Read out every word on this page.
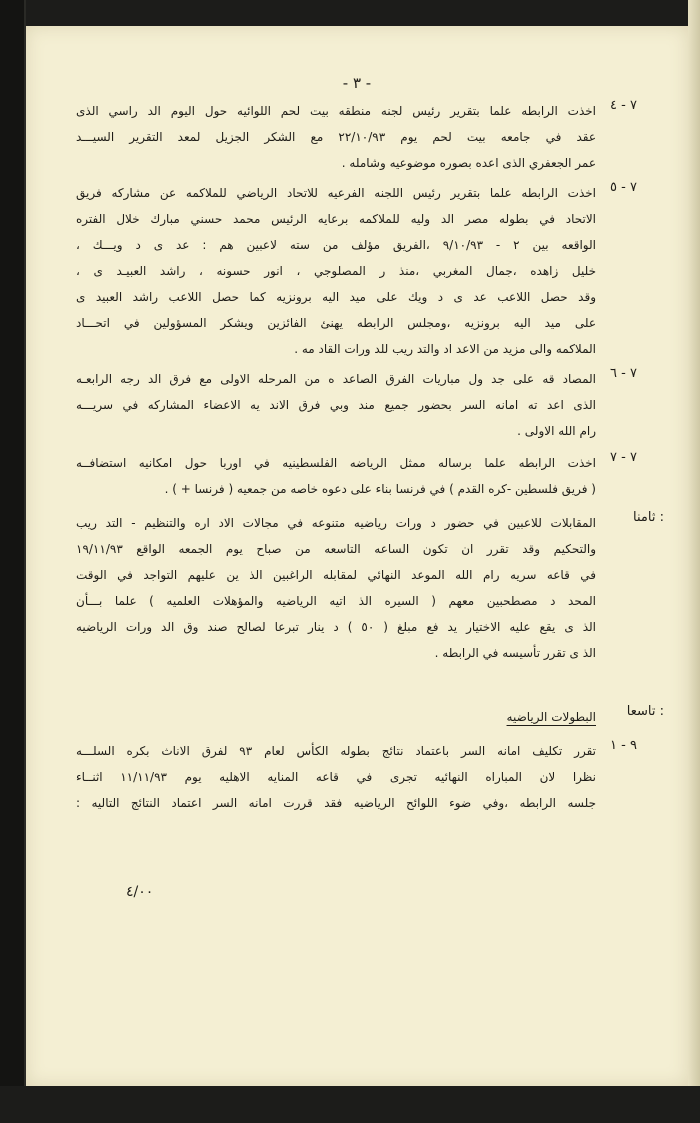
- ٣ -
٧ - ٤
اخذت الرابطه علما بتقرير رئيس لجنه منطقه بيت لحم اللوائيه حول اليوم الد راسي الذى
عقد في جامعه بيت لحم يوم ٢٢/١٠/٩٣ مع الشكر الجزيل لمعد التقرير السيـــد
عمر الجعفري الذى اعده بصوره موضوعيه وشامله .
٧ - ٥
اخذت الرابطه علما بتقرير رئيس اللجنه الفرعيه للاتحاد الرياضي للملاكمه عن مشاركه فريق
الاتحاد في بطوله مصر الد وليه للملاكمه برعايه الرئيس محمد حسني مبارك خلال الفتره
الواقعه بين ٢ - ٩/١٠/٩٣ ،الفريق مؤلف من سته لاعبين هم : عد ى د ويـــك ،
خليل زاهده ،جمال المغربي ،منذ ر المصلوجي ، انور حسونه ، راشد العبيـد ى ،
وقد حصل اللاعب عد ى د ويك على ميد اليه برونزيه كما حصل اللاعب راشد العبيد ى
على ميد اليه برونزيه ،ومجلس الرابطه يهنئ الفائزين ويشكر المسؤولين في اتحـــاد
الملاكمه والى مزيد من الاعد اد والتد ريب للد ورات القاد مه .
٧ - ٦
المصاد قه على جد ول مباريات الفرق الصاعد ه من المرحله الاولى مع فرق الد رجه الرابعـه
الذى اعد ته امانه السر بحضور جميع مند وبي فرق الاند يه الاعضاء المشاركه في سريـــه
رام الله الاولى .
٧ - ٧
اخذت الرابطه علما برساله ممثل الرياضه الفلسطينيه في اوربا حول امكانيه استضافــه
( فريق فلسطين -كره القدم ) في فرنسا بناء على دعوه خاصه من جمعيه ( فرنسا + ) .
ثامنا :
المقابلات للاعبين في حضور د ورات رياضيه متنوعه في مجالات الاد اره والتنظيم - التد ريب
والتحكيم وقد تقرر ان تكون الساعه التاسعه من صباح يوم الجمعه الواقع ١٩/١١/٩٣
في قاعه سريه رام الله الموعد النهائي لمقابله الراغبين الذ ين عليهم التواجد في الوقت
المحد د مصطحبين معهم ( السيره الذ اتيه الرياضيه والمؤهلات العلميه ) علما بـــأن
الذ ى يقع عليه الاختيار يد فع مبلغ ( ٥٠ ) د ينار تبرعا لصالح صند وق الد ورات الرياضيه
الذ ى تقرر تأسيسه في الرابطه .
تاسعا :
البطولات الرياضيه
٩ - ١
تقرر تكليف امانه السر باعتماد نتائج بطوله الكأس لعام ٩٣ لفرق الاناث بكره السلـــه
نظرا لان المباراه النهائيه تجرى في قاعه المنايه الاهليه يوم ١١/١١/٩٣ اثنــاء
جلسه الرابطه ،وفي ضوء اللوائح الرياضيه فقد قررت امانه السر اعتماد النتائج التاليه :
٤/٠٠
